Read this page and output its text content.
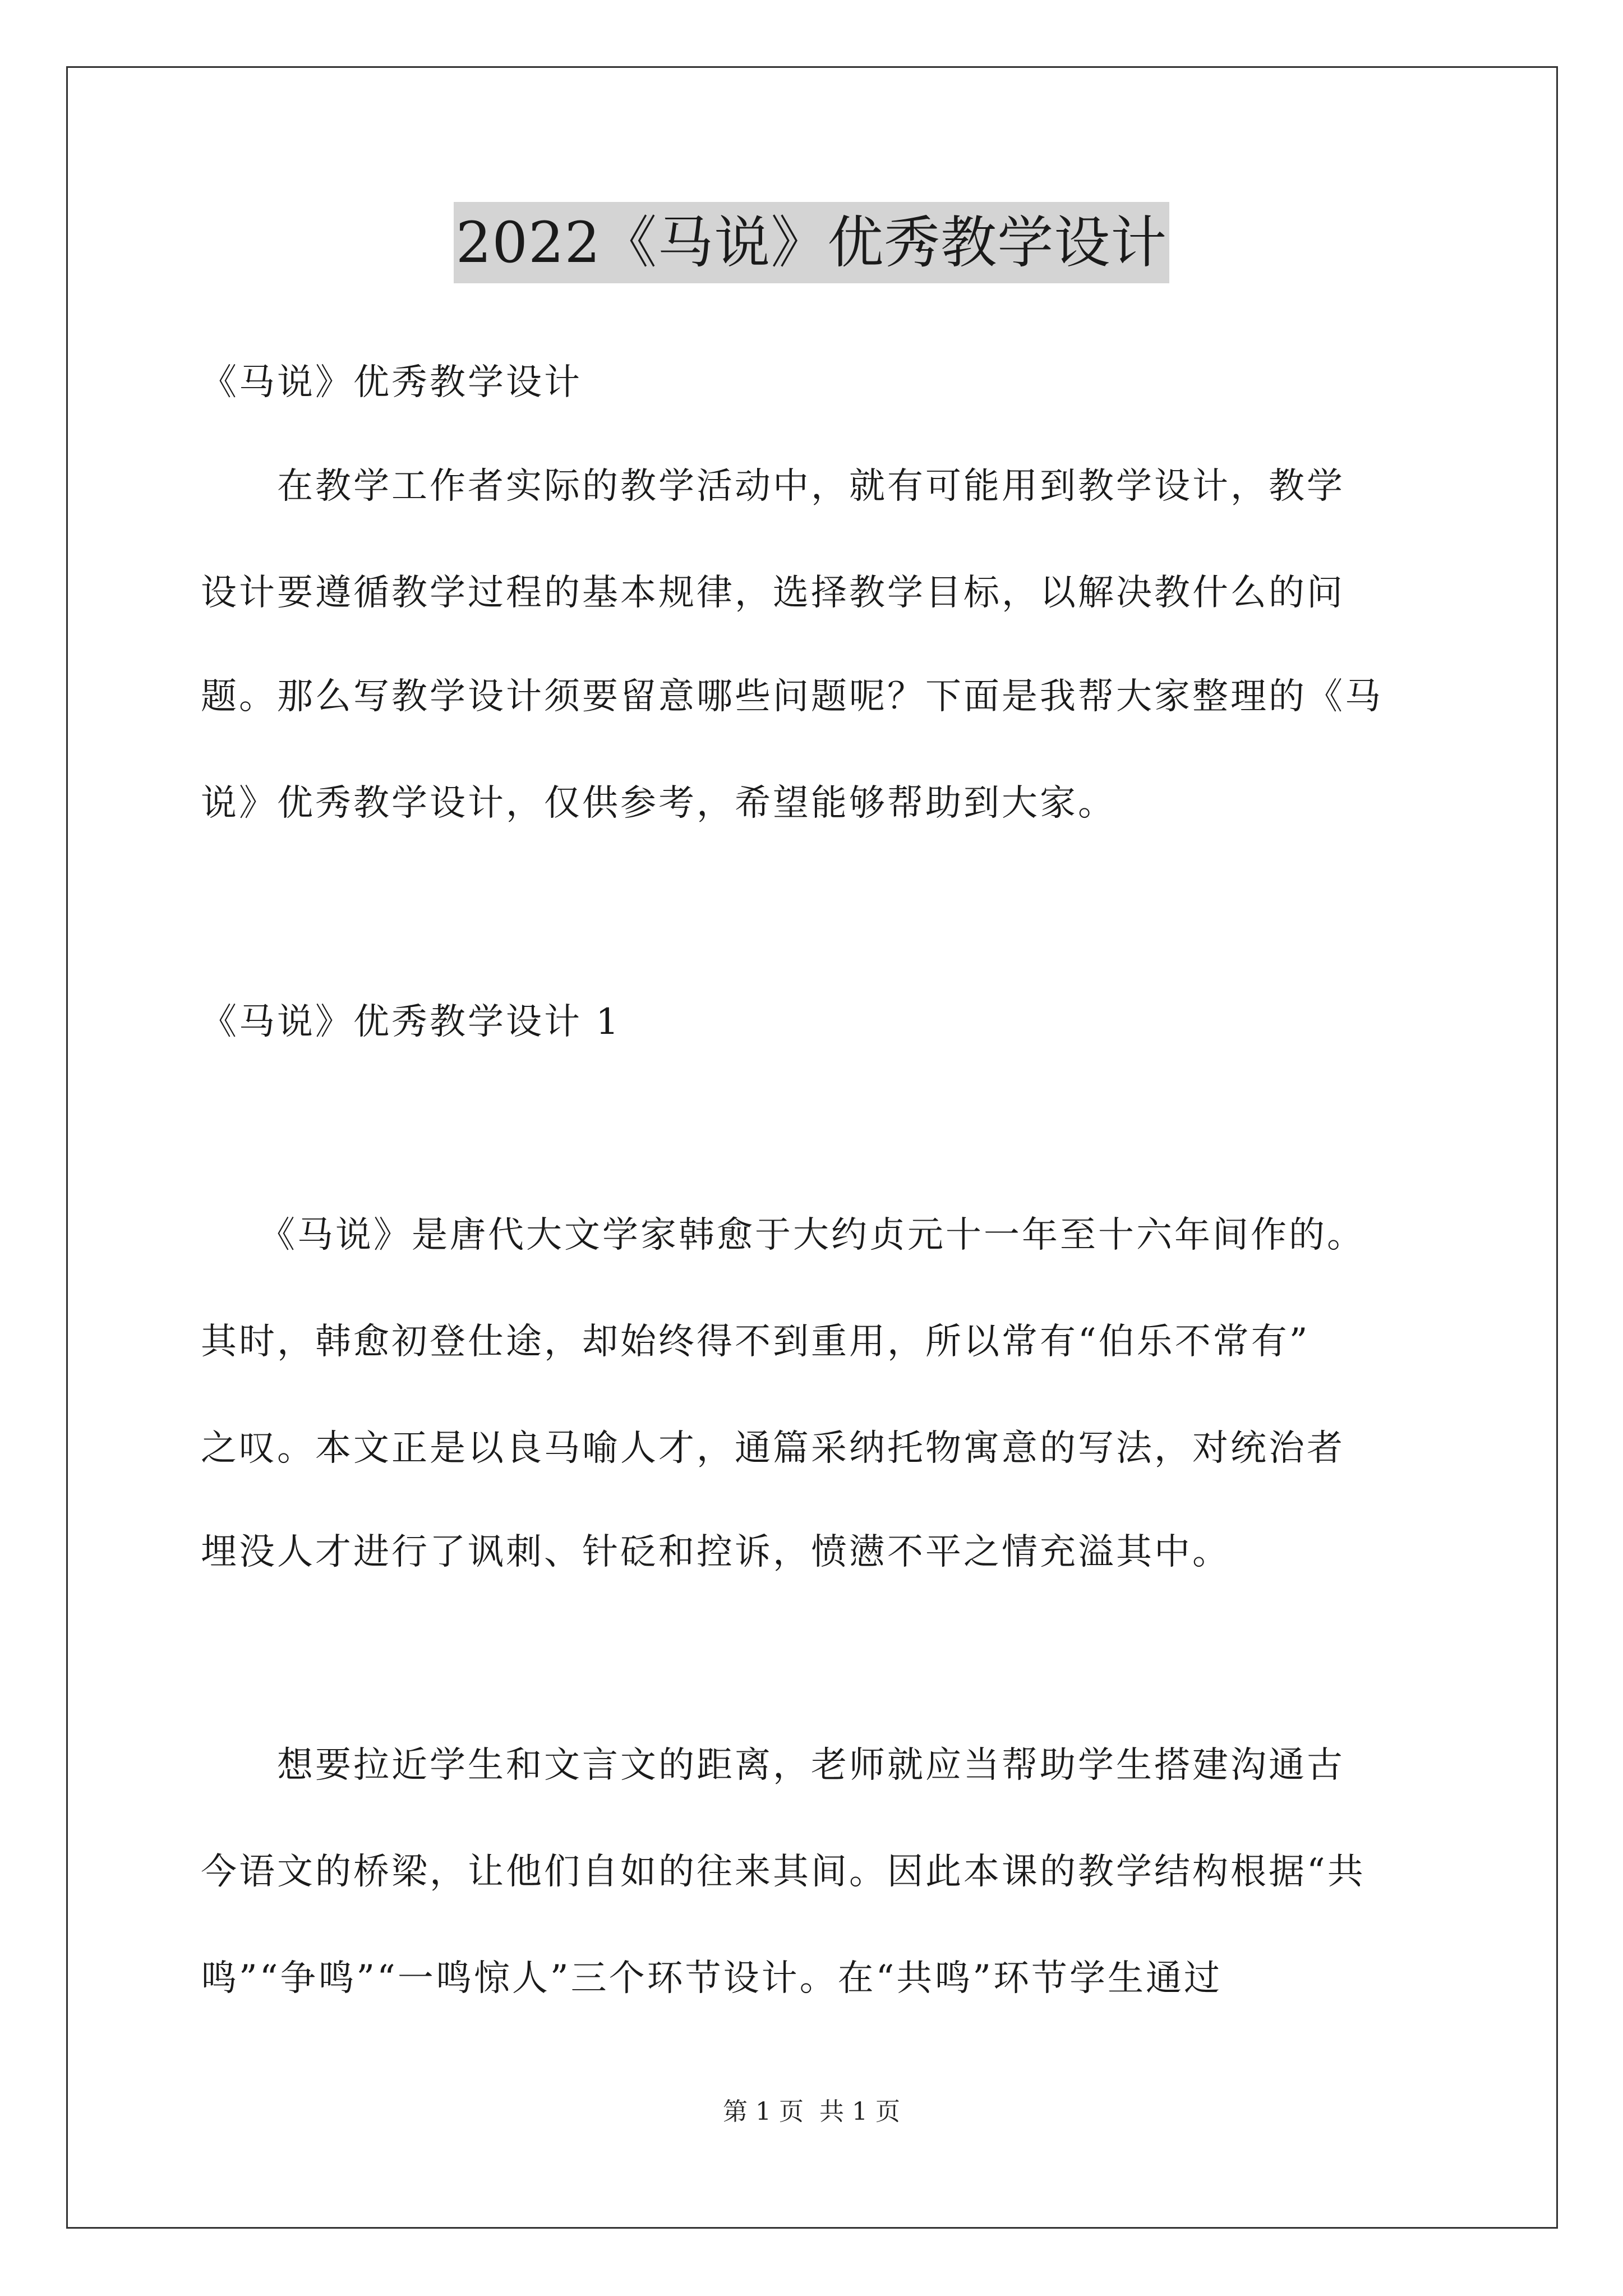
2022《马说》优秀教学设计
《马说》优秀教学设计
　　在教学工作者实际的教学活动中，就有可能用到教学设计，教学
设计要遵循教学过程的基本规律，选择教学目标，以解决教什么的问
题。那么写教学设计须要留意哪些问题呢？下面是我帮大家整理的《马
说》优秀教学设计，仅供参考，希望能够帮助到大家。
《马说》优秀教学设计 1
　　《马说》是唐代大文学家韩愈于大约贞元十一年至十六年间作的。
其时，韩愈初登仕途，却始终得不到重用，所以常有“伯乐不常有”
之叹。本文正是以良马喻人才，通篇采纳托物寓意的写法，对统治者
埋没人才进行了讽刺、针砭和控诉，愤懑不平之情充溢其中。
　　想要拉近学生和文言文的距离，老师就应当帮助学生搭建沟通古
今语文的桥梁，让他们自如的往来其间。因此本课的教学结构根据“共
鸣”“争鸣”“一鸣惊人”三个环节设计。在“共鸣”环节学生通过
第 1 页 共 1 页
